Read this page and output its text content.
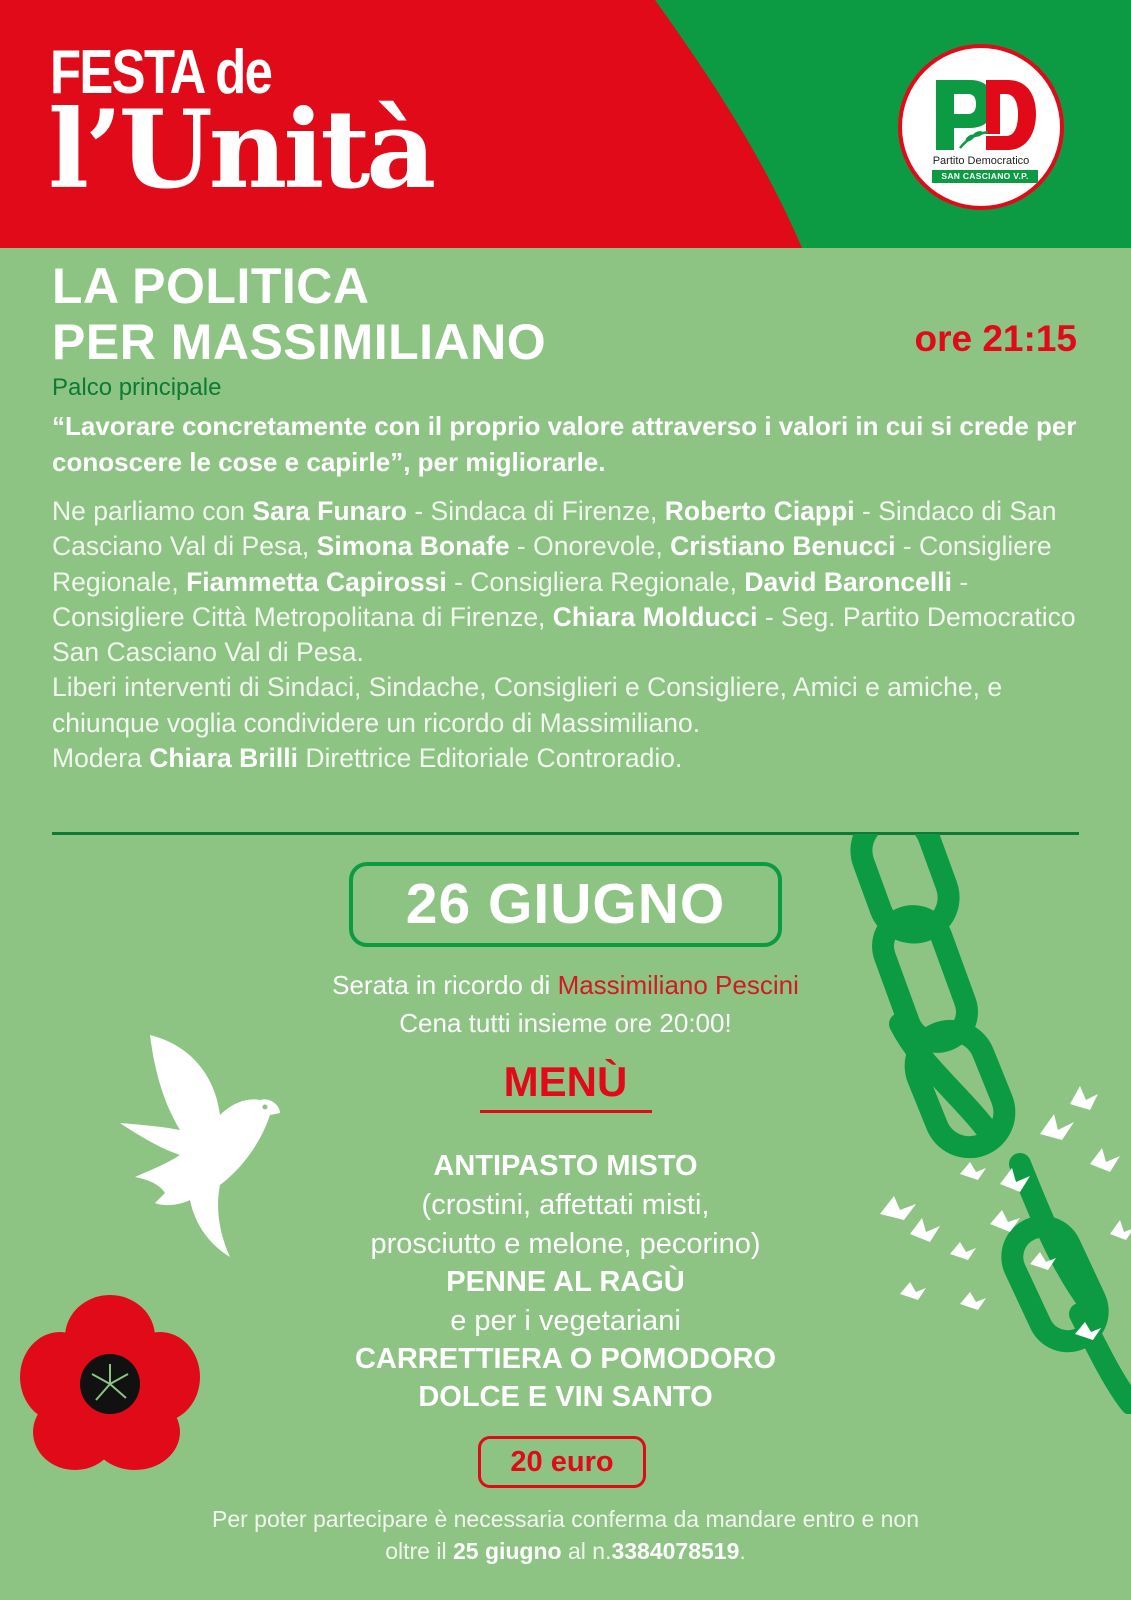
FESTA de
l’Unità	Partito Democratico
SAN CASCIANO V.P.
LA POLITICA
PER MASSIMILIANO	ore 21:15
Palco principale
“Lavorare concretamente con il proprio valore attraverso i valori in cui si crede per conoscere le cose e capirle”, per migliorarle.
Ne parliamo con Sara Funaro - Sindaca di Firenze, Roberto Ciappi - Sindaco di San Casciano Val di Pesa, Simona Bonafe - Onorevole, Cristiano Benucci - Consigliere Regionale, Fiammetta Capirossi - Consigliera Regionale, David Baroncelli - Consigliere Città Metropolitana di Firenze, Chiara Molducci - Seg. Partito Democratico San Casciano Val di Pesa.
Liberi interventi di Sindaci, Sindache, Consiglieri e Consigliere, Amici e amiche, e chiunque voglia condividere un ricordo di Massimiliano.
Modera Chiara Brilli Direttrice Editoriale Controradio.
26 GIUGNO
Serata in ricordo di Massimiliano Pescini
Cena tutti insieme ore 20:00!
MENÙ
ANTIPASTO MISTO
(crostini, affettati misti,
prosciutto e melone, pecorino)
PENNE AL RAGÙ
e per i vegetariani
CARRETTIERA O POMODORO
DOLCE E VIN SANTO
20 euro
Per poter partecipare è necessaria conferma da mandare entro e non
oltre il 25 giugno al n.3384078519.
